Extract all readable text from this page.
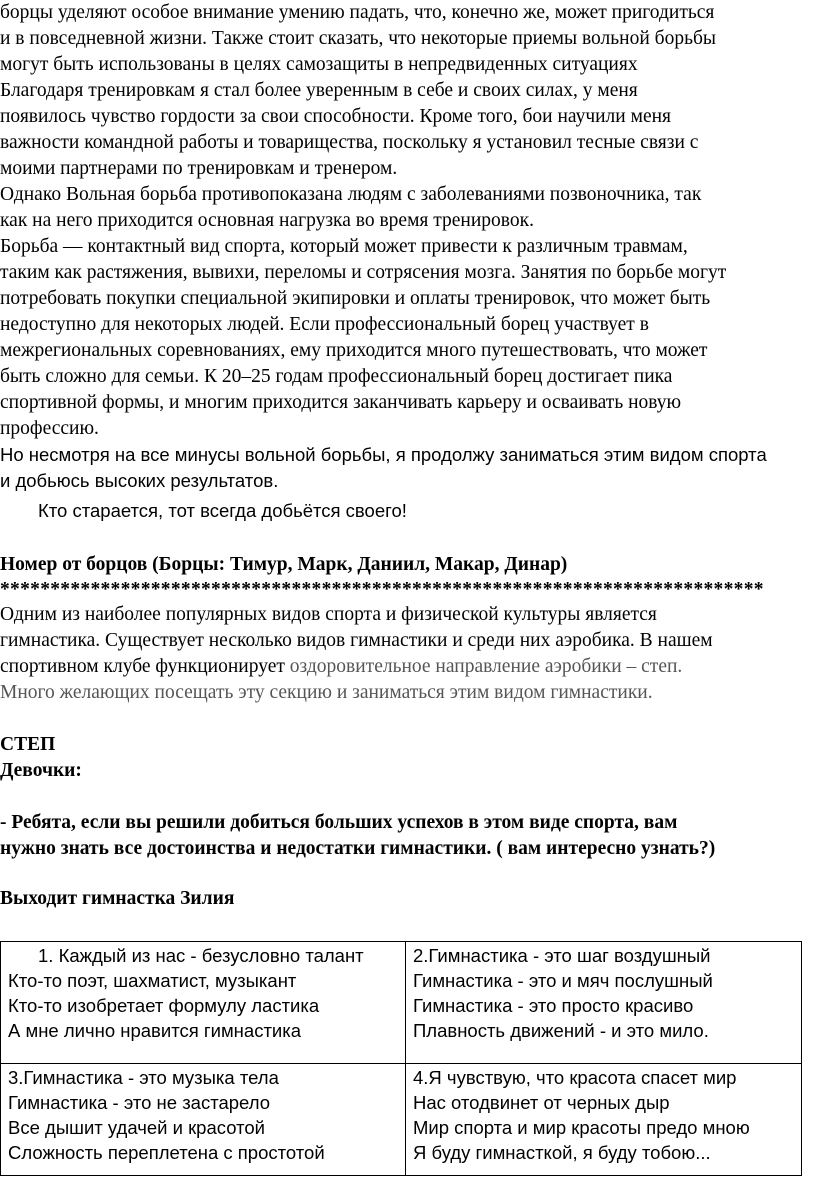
борцы уделяют особое внимание умению падать, что, конечно же, может пригодиться

и в повседневной жизни. Также стоит сказать, что некоторые приемы вольной борьбы

могут быть использованы в целях самозащиты в непредвиденных ситуациях

Благодаря тренировкам я стал более уверенным в себе и своих силах, у меня

появилось чувство гордости за свои способности. Кроме того, бои научили меня

важности командной работы и товарищества, поскольку я установил тесные связи с

моими партнерами по тренировкам и тренером.

Однако Вольная борьба противопоказана людям с заболеваниями позвоночника, так

как на него приходится основная нагрузка во время тренировок.

Борьба — контактный вид спорта, который может привести к различным травмам,

таким как растяжения, вывихи, переломы и сотрясения мозга. Занятия по борьбе могут

потребовать покупки специальной экипировки и оплаты тренировок, что может быть

недоступно для некоторых людей. Если профессиональный борец участвует в

межрегиональных соревнованиях, ему приходится много путешествовать, что может

быть сложно для семьи. К 20–25 годам профессиональный борец достигает пика

спортивной формы, и многим приходится заканчивать карьеру и осваивать новую

профессию.

Но несмотря на все минусы вольной борьбы, я продолжу заниматься этим видом спорта

и добьюсь высоких результатов.

Кто старается, тот всегда добьётся своего!

Номер от борцов (Борцы: Тимур, Марк, Даниил, Макар, Динар)

****************************************************************************

Одним из наиболее популярных видов спорта и физической культуры является

гимнастика. Существует несколько видов гимнастики и среди них аэробика. В нашем

спортивном клубе функционирует оздоровительное направление аэробики – степ.

Много желающих посещать эту секцию и заниматься этим видом гимнастики.

СТЕП

Девочки:

- Ребята, если вы решили добиться больших успехов в этом виде спорта, вам

нужно знать все достоинства и недостатки гимнастики. ( вам интересно узнать?)

Выходит гимнастка Зилия

1. Каждый из нас - безусловно талант
Кто-то поэт, шахматист, музыкант
Кто-то изобретает формулу ластика
А мне лично нравится гимнастика	2.Гимнастика - это шаг воздушный
Гимнастика - это и мяч послушный
Гимнастика - это просто красиво
Плавность движений - и это мило.

3.Гимнастика - это музыка тела
Гимнастика - это не застарело
Все дышит удачей и красотой
Сложность переплетена с простотой	4.Я чувствую, что красота спасет мир
Нас отодвинет от черных дыр
Мир спорта и мир красоты предо мною
Я буду гимнасткой, я буду тобою...
